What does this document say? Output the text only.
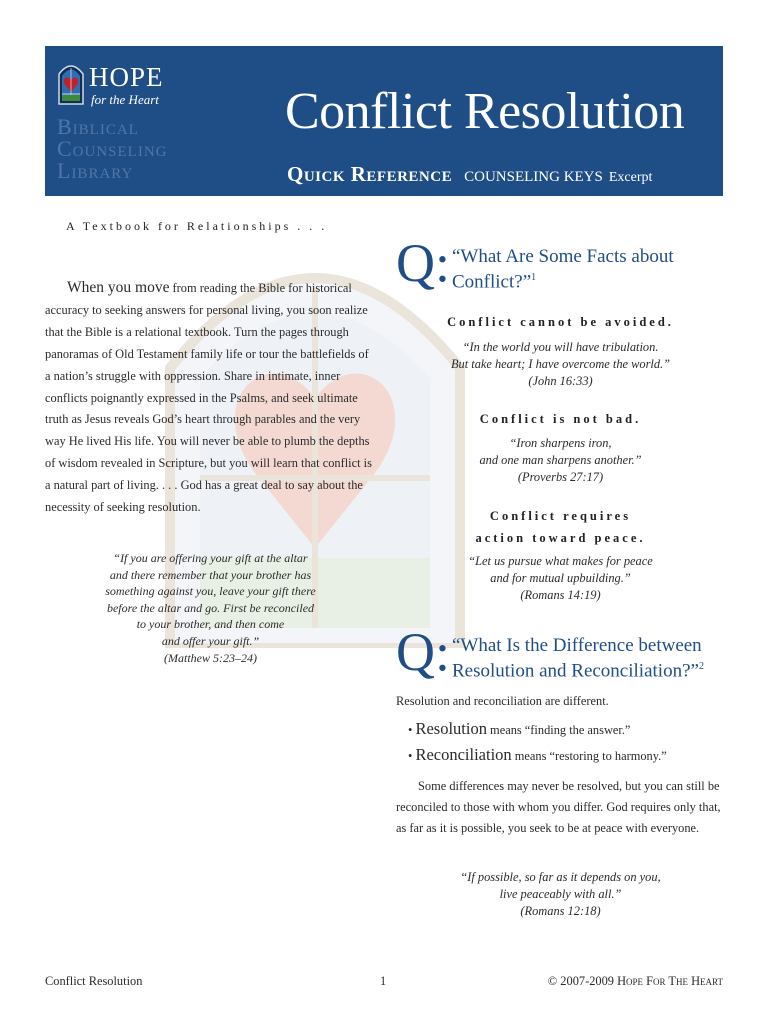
HOPE
for the Heart
Biblical
Counseling
Library
Conflict Resolution
Quick Reference COUNSELING KEYS Excerpt
A Textbook for Relationships . . .
When you move from reading the Bible for historical accuracy to seeking answers for personal living, you soon realize that the Bible is a relational textbook. Turn the pages through panoramas of Old Testament family life or tour the battlefields of a nation’s struggle with oppression. Share in intimate, inner conflicts poignantly expressed in the Psalms, and seek ultimate truth as Jesus reveals God’s heart through parables and the very way He lived His life. You will never be able to plumb the depths of wisdom revealed in Scripture, but you will learn that conflict is a natural part of living. . . . God has a great deal to say about the necessity of seeking resolution.
“If you are offering your gift at the altar
and there remember that your brother has
something against you, leave your gift there
before the altar and go. First be reconciled
to your brother, and then come
and offer your gift.”
(Matthew 5:23–24)
Q: “What Are Some Facts about Conflict?”$^1$
Conflict cannot be avoided.
“In the world you will have tribulation.
But take heart; I have overcome the world.”
(John 16:33)
Conflict is not bad.
“Iron sharpens iron,
and one man sharpens another.”
(Proverbs 27:17)
Conflict requires
action toward peace.
“Let us pursue what makes for peace
and for mutual upbuilding.”
(Romans 14:19)
Q: “What Is the Difference between Resolution and Reconciliation?”$^2$
Resolution and reconciliation are different.
• Resolution means “finding the answer.”
• Reconciliation means “restoring to harmony.”
Some differences may never be resolved, but you can still be reconciled to those with whom you differ. God requires only that, as far as it is possible, you seek to be at peace with everyone.
“If possible, so far as it depends on you,
live peaceably with all.”
(Romans 12:18)
Conflict Resolution	1	© 2007-2009 Hope For The Heart
